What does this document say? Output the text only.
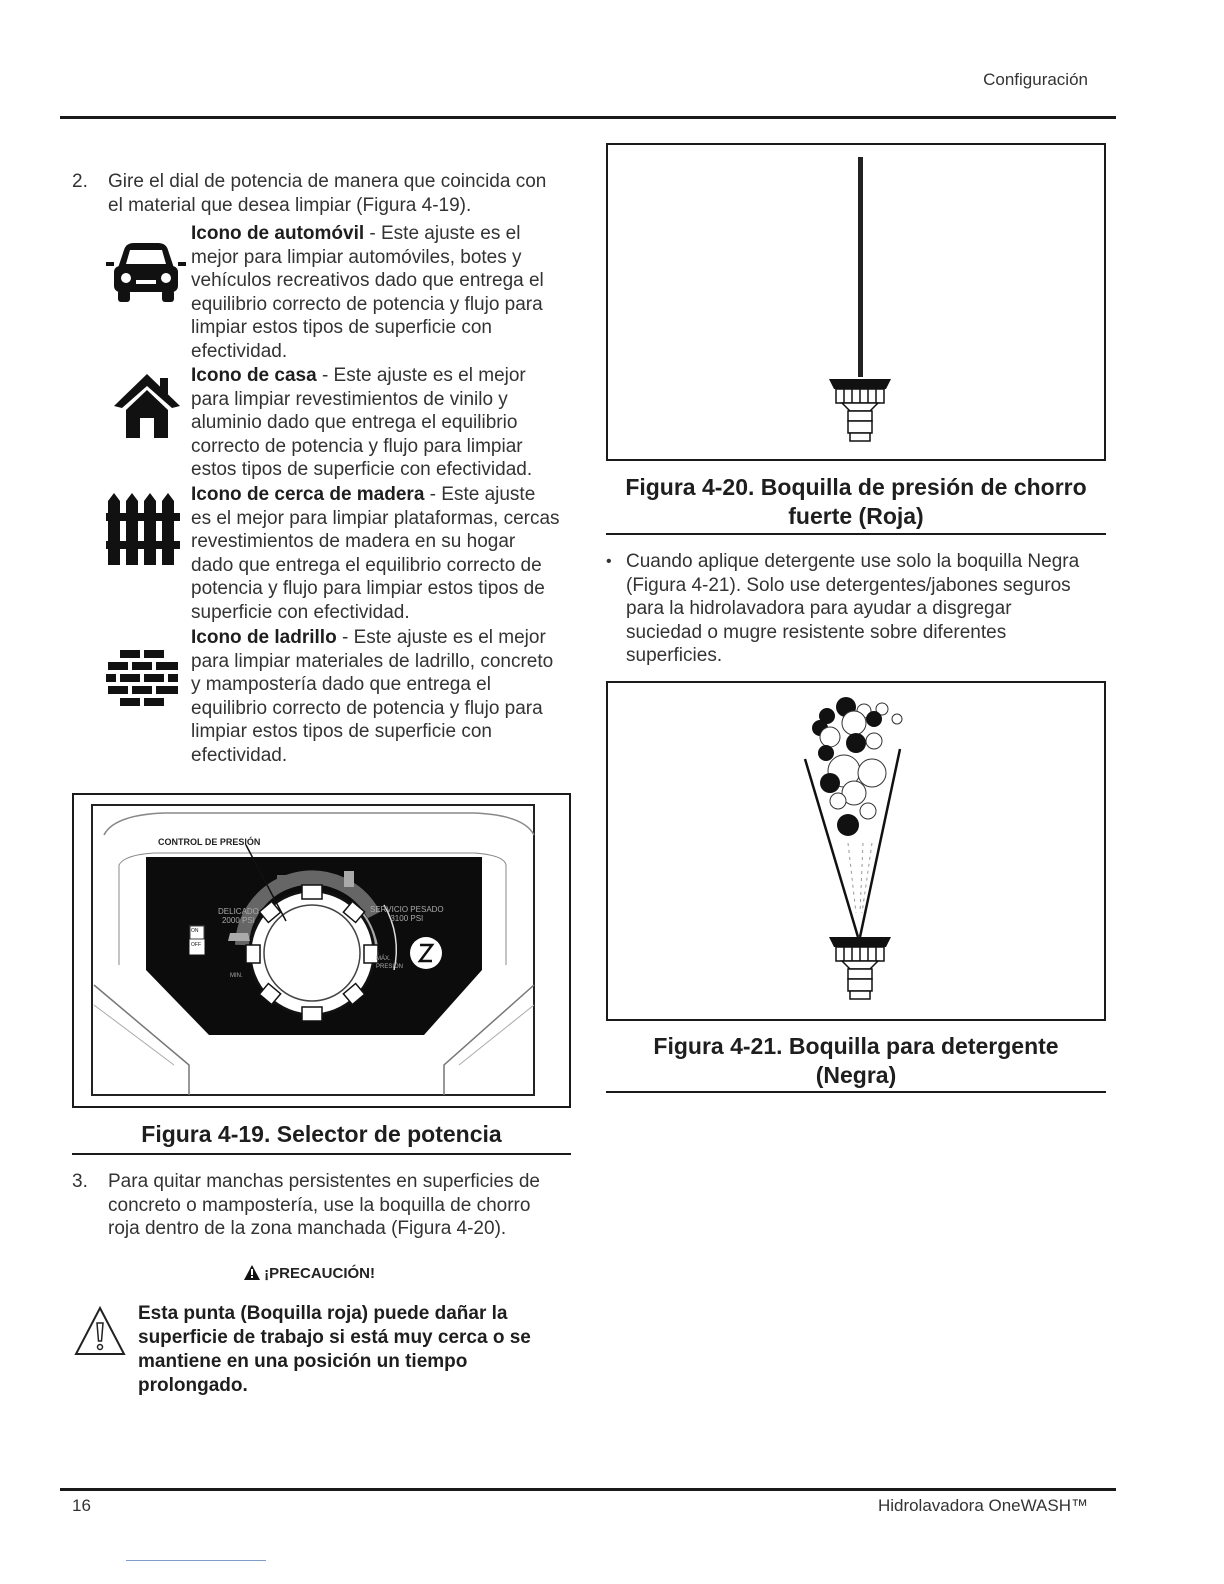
Configuración
2. Gire el dial de potencia de manera que coincida con
el material que desea limpiar (Figura 4-19).
Icono de automóvil - Este ajuste es el
mejor para limpiar automóviles, botes y
vehículos recreativos dado que entrega el
equilibrio correcto de potencia y flujo para
limpiar estos tipos de superficie con
efectividad.
Icono de casa - Este ajuste es el mejor
para limpiar revestimientos de vinilo y
aluminio dado que entrega el equilibrio
correcto de potencia y flujo para limpiar
estos tipos de superficie con efectividad.
Icono de cerca de madera - Este ajuste
es el mejor para limpiar plataformas, cercas
revestimientos de madera en su hogar
dado que entrega el equilibrio correcto de
potencia y flujo para limpiar estos tipos de
superficie con efectividad.
Icono de ladrillo - Este ajuste es el mejor
para limpiar materiales de ladrillo, concreto
y mampostería dado que entrega el
equilibrio correcto de potencia y flujo para
limpiar estos tipos de superficie con
efectividad.
CONTROL DE PRESIÓN
DELICADO
2000 PSI
SERVICIO PESADO
3100 PSI
MIN.
MÁX.
PRESIÓN
ON
OFF
Figura 4-19. Selector de potencia
3. Para quitar manchas persistentes en superficies de
concreto o mampostería, use la boquilla de chorro
roja dentro de la zona manchada (Figura 4-20).
¡PRECAUCIÓN!
Esta punta (Boquilla roja) puede dañar la
superficie de trabajo si está muy cerca o se
mantiene en una posición un tiempo
prolongado.
Figura 4-20. Boquilla de presión de chorro
fuerte (Roja)
• Cuando aplique detergente use solo la boquilla Negra
(Figura 4-21). Solo use detergentes/jabones seguros
para la hidrolavadora para ayudar a disgregar
suciedad o mugre resistente sobre diferentes
superficies.
Figura 4-21. Boquilla para detergente
(Negra)
16	Hidrolavadora OneWASH™
